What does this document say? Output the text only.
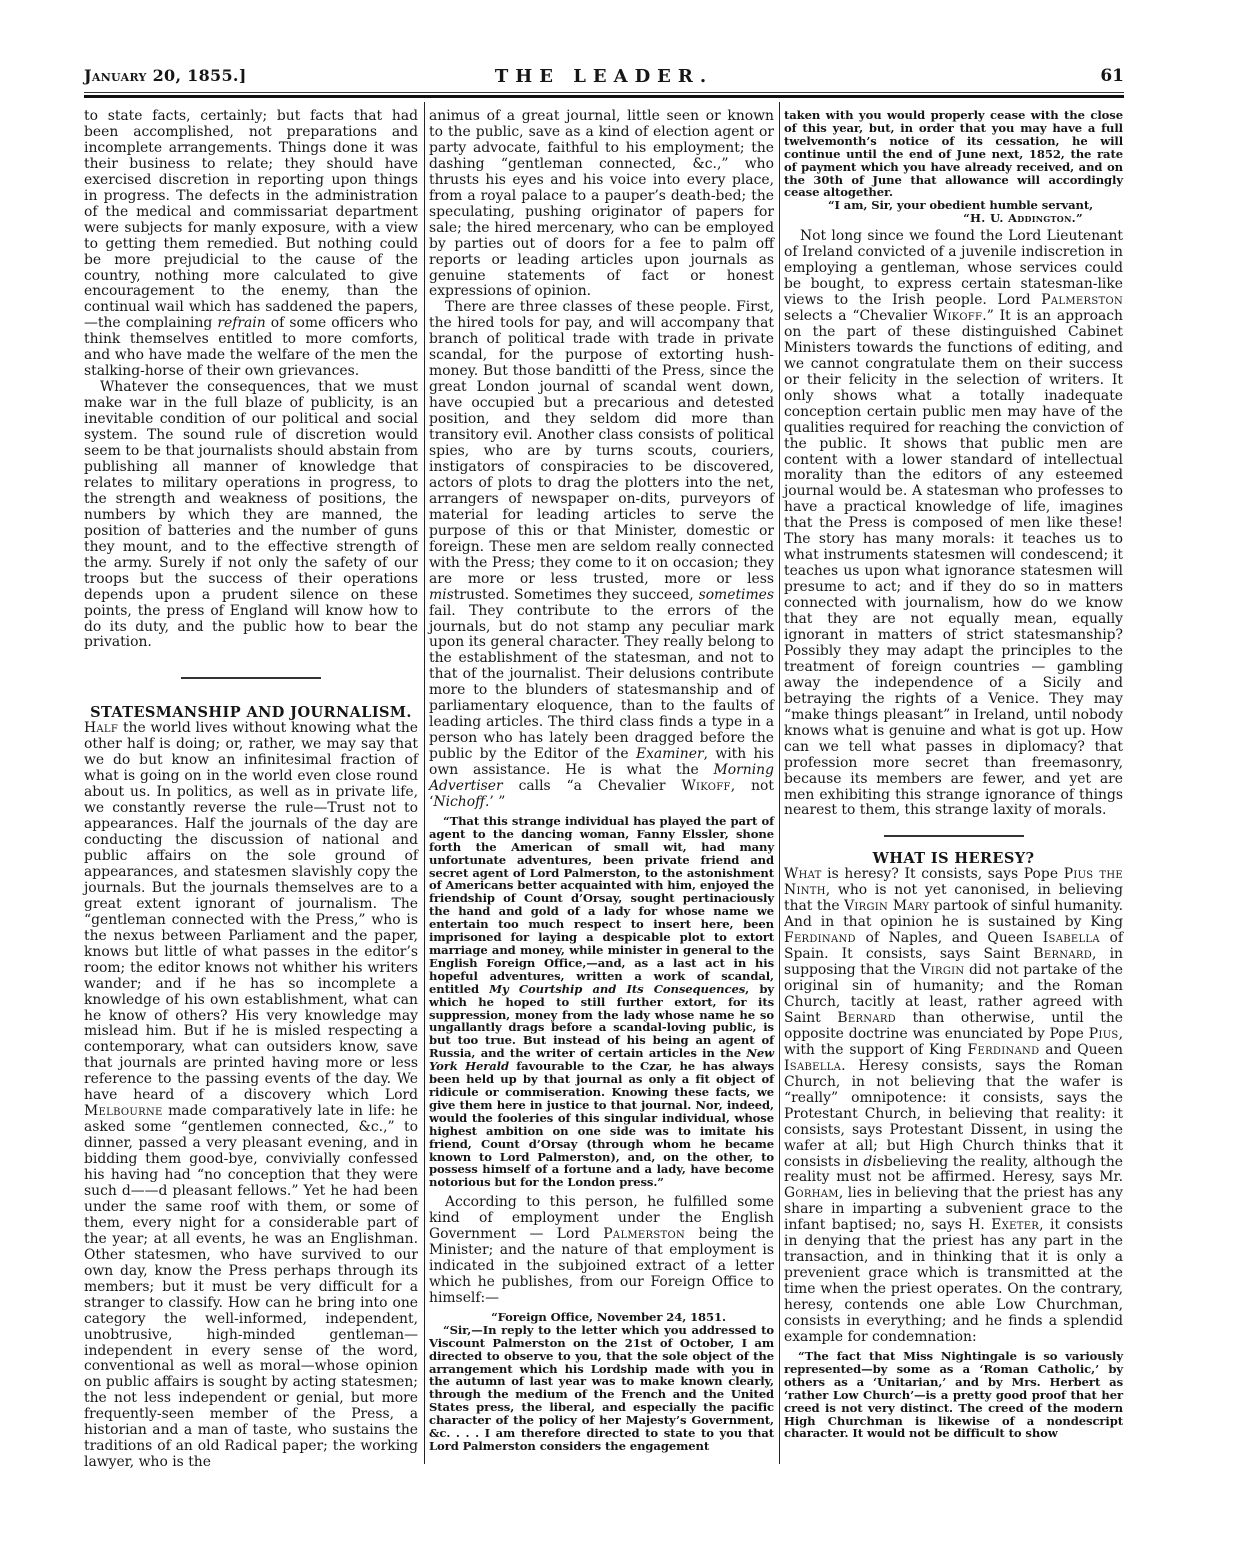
January 20, 1855.]	THE LEADER.	61

to state facts, certainly; but facts that had been accomplished, not preparations and incomplete arrangements. Things done it was their business to relate; they should have exercised discretion in reporting upon things in progress. The defects in the administration of the medical and commissariat department were subjects for manly exposure, with a view to getting them remedied. But nothing could be more prejudicial to the cause of the country, nothing more calculated to give encouragement to the enemy, than the continual wail which has saddened the papers,—the complaining refrain of some officers who think themselves entitled to more comforts, and who have made the welfare of the men the stalking-horse of their own grievances.

Whatever the consequences, that we must make war in the full blaze of publicity, is an inevitable condition of our political and social system. The sound rule of discretion would seem to be that journalists should abstain from publishing all manner of knowledge that relates to military operations in progress, to the strength and weakness of positions, the numbers by which they are manned, the position of batteries and the number of guns they mount, and to the effective strength of the army. Surely if not only the safety of our troops but the success of their operations depends upon a prudent silence on these points, the press of England will know how to do its duty, and the public how to bear the privation.

STATESMANSHIP AND JOURNALISM.

Half the world lives without knowing what the other half is doing; or, rather, we may say that we do but know an infinitesimal fraction of what is going on in the world even close round about us. In politics, as well as in private life, we constantly reverse the rule—Trust not to appearances. Half the journals of the day are conducting the discussion of national and public affairs on the sole ground of appearances, and statesmen slavishly copy the journals. But the journals themselves are to a great extent ignorant of journalism. The “gentleman connected with the Press,” who is the nexus between Parliament and the paper, knows but little of what passes in the editor’s room; the editor knows not whither his writers wander; and if he has so incomplete a knowledge of his own establishment, what can he know of others? His very knowledge may mislead him. But if he is misled respecting a contemporary, what can outsiders know, save that journals are printed having more or less reference to the passing events of the day. We have heard of a discovery which Lord Melbourne made comparatively late in life: he asked some “gentlemen connected, &c.,” to dinner, passed a very pleasant evening, and in bidding them good-bye, convivially confessed his having had “no conception that they were such d——d pleasant fellows.” Yet he had been under the same roof with them, or some of them, every night for a considerable part of the year; at all events, he was an Englishman. Other statesmen, who have survived to our own day, know the Press perhaps through its members; but it must be very difficult for a stranger to classify. How can he bring into one category the well-informed, independent, unobtrusive, high-minded gentleman—independent in every sense of the word, conventional as well as moral—whose opinion on public affairs is sought by acting statesmen; the not less independent or genial, but more frequently-seen member of the Press, a historian and a man of taste, who sustains the traditions of an old Radical paper; the working lawyer, who is the

animus of a great journal, little seen or known to the public, save as a kind of election agent or party advocate, faithful to his employment; the dashing “gentleman connected, &c.,” who thrusts his eyes and his voice into every place, from a royal palace to a pauper’s death-bed; the speculating, pushing originator of papers for sale; the hired mercenary, who can be employed by parties out of doors for a fee to palm off reports or leading articles upon journals as genuine statements of fact or honest expressions of opinion.

There are three classes of these people. First, the hired tools for pay, and will accompany that branch of political trade with trade in private scandal, for the purpose of extorting hush-money. But those banditti of the Press, since the great London journal of scandal went down, have occupied but a precarious and detested position, and they seldom did more than transitory evil. Another class consists of political spies, who are by turns scouts, couriers, instigators of conspiracies to be discovered, actors of plots to drag the plotters into the net, arrangers of newspaper on-dits, purveyors of material for leading articles to serve the purpose of this or that Minister, domestic or foreign. These men are seldom really connected with the Press; they come to it on occasion; they are more or less trusted, more or less mistrusted. Sometimes they succeed, sometimes fail. They contribute to the errors of the journals, but do not stamp any peculiar mark upon its general character. They really belong to the establishment of the statesman, and not to that of the journalist. Their delusions contribute more to the blunders of statesmanship and of parliamentary eloquence, than to the faults of leading articles. The third class finds a type in a person who has lately been dragged before the public by the Editor of the Examiner, with his own assistance. He is what the Morning Advertiser calls “a Chevalier Wikoff, not ‘Nichoff.’ ”

“That this strange individual has played the part of agent to the dancing woman, Fanny Elssler, shone forth the American of small wit, had many unfortunate adventures, been private friend and secret agent of Lord Palmerston, to the astonishment of Americans better acquainted with him, enjoyed the friendship of Count d’Orsay, sought pertinaciously the hand and gold of a lady for whose name we entertain too much respect to insert here, been imprisoned for laying a despicable plot to extort marriage and money, while minister in general to the English Foreign Office,—and, as a last act in his hopeful adventures, written a work of scandal, entitled My Courtship and Its Consequences, by which he hoped to still further extort, for its suppression, money from the lady whose name he so ungallantly drags before a scandal-loving public, is but too true. But instead of his being an agent of Russia, and the writer of certain articles in the New York Herald favourable to the Czar, he has always been held up by that journal as only a fit object of ridicule or commiseration. Knowing these facts, we give them here in justice to that journal. Nor, indeed, would the fooleries of this singular individual, whose highest ambition on one side was to imitate his friend, Count d’Orsay (through whom he became known to Lord Palmerston), and, on the other, to possess himself of a fortune and a lady, have become notorious but for the London press.”

According to this person, he fulfilled some kind of employment under the English Government — Lord Palmerston being the Minister; and the nature of that employment is indicated in the subjoined extract of a letter which he publishes, from our Foreign Office to himself:—

“Foreign Office, November 24, 1851.

“Sir,—In reply to the letter which you addressed to Viscount Palmerston on the 21st of October, I am directed to observe to you, that the sole object of the arrangement which his Lordship made with you in the autumn of last year was to make known clearly, through the medium of the French and the United States press, the liberal, and especially the pacific character of the policy of her Majesty’s Government, &c. . . . I am therefore directed to state to you that Lord Palmerston considers the engagement

taken with you would properly cease with the close of this year, but, in order that you may have a full twelvemonth’s notice of its cessation, he will continue until the end of June next, 1852, the rate of payment which you have already received, and on the 30th of June that allowance will accordingly cease altogether.

“I am, Sir, your obedient humble servant,

“H. U. Addington.”

Not long since we found the Lord Lieutenant of Ireland convicted of a juvenile indiscretion in employing a gentleman, whose services could be bought, to express certain statesman-like views to the Irish people. Lord Palmerston selects a “Chevalier Wikoff.” It is an approach on the part of these distinguished Cabinet Ministers towards the functions of editing, and we cannot congratulate them on their success or their felicity in the selection of writers. It only shows what a totally inadequate conception certain public men may have of the qualities required for reaching the conviction of the public. It shows that public men are content with a lower standard of intellectual morality than the editors of any esteemed journal would be. A statesman who professes to have a practical knowledge of life, imagines that the Press is composed of men like these! The story has many morals: it teaches us to what instruments statesmen will condescend; it teaches us upon what ignorance statesmen will presume to act; and if they do so in matters connected with journalism, how do we know that they are not equally mean, equally ignorant in matters of strict statesmanship? Possibly they may adapt the principles to the treatment of foreign countries — gambling away the independence of a Sicily and betraying the rights of a Venice. They may “make things pleasant” in Ireland, until nobody knows what is genuine and what is got up. How can we tell what passes in diplomacy? that profession more secret than freemasonry, because its members are fewer, and yet are men exhibiting this strange ignorance of things nearest to them, this strange laxity of morals.

WHAT IS HERESY?

What is heresy? It consists, says Pope Pius the Ninth, who is not yet canonised, in believing that the Virgin Mary partook of sinful humanity. And in that opinion he is sustained by King Ferdinand of Naples, and Queen Isabella of Spain. It consists, says Saint Bernard, in supposing that the Virgin did not partake of the original sin of humanity; and the Roman Church, tacitly at least, rather agreed with Saint Bernard than otherwise, until the opposite doctrine was enunciated by Pope Pius, with the support of King Ferdinand and Queen Isabella. Heresy consists, says the Roman Church, in not believing that the wafer is “really” omnipotence: it consists, says the Protestant Church, in believing that reality: it consists, says Protestant Dissent, in using the wafer at all; but High Church thinks that it consists in disbelieving the reality, although the reality must not be affirmed. Heresy, says Mr. Gorham, lies in believing that the priest has any share in imparting a subvenient grace to the infant baptised; no, says H. Exeter, it consists in denying that the priest has any part in the transaction, and in thinking that it is only a prevenient grace which is transmitted at the time when the priest operates. On the contrary, heresy, contends one able Low Churchman, consists in everything; and he finds a splendid example for condemnation:

“The fact that Miss Nightingale is so variously represented—by some as a ‘Roman Catholic,’ by others as a ‘Unitarian,’ and by Mrs. Herbert as ‘rather Low Church’—is a pretty good proof that her creed is not very distinct. The creed of the modern High Churchman is likewise of a nondescript character. It would not be difficult to show
